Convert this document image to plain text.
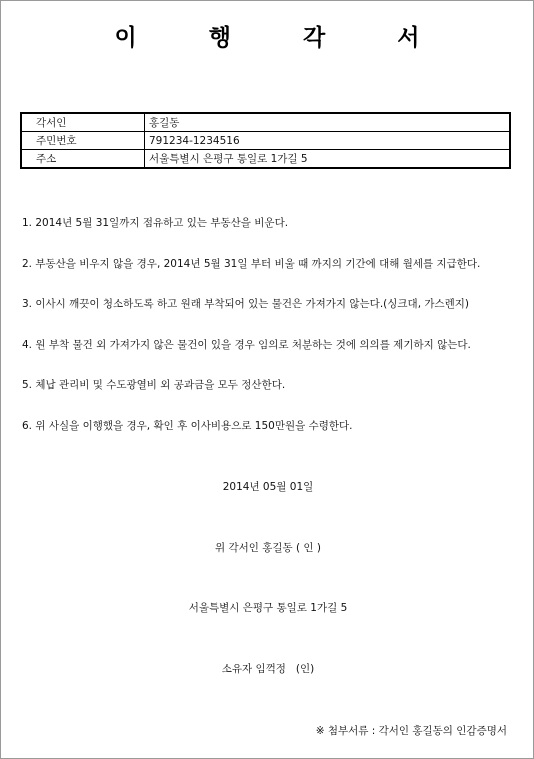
이 행 각 서
각서인	홍길동
주민번호	791234-1234516
주소	서울특별시 은평구 통일로 1가길 5
1. 2014년 5월 31일까지 점유하고 있는 부동산을 비운다.
2. 부동산을 비우지 않을 경우, 2014년 5월 31일 부터 비울 때 까지의 기간에 대해 월세를 지급한다.
3. 이사시 깨끗이 청소하도록 하고 원래 부착되어 있는 물건은 가져가지 않는다.(싱크대, 가스렌지)
4. 원 부착 물건 외 가져가지 않은 물건이 있을 경우 임의로 처분하는 것에 의의를 제기하지 않는다.
5. 체납 관리비 및 수도광열비 외 공과금을 모두 정산한다.
6. 위 사실을 이행했을 경우, 확인 후 이사비용으로 150만원을 수령한다.
2014년 05월 01일
위 각서인 홍길동 ( 인 )
서울특별시 은평구 통일로 1가길 5
소유자 임꺽정   (인)
※ 첨부서류 : 각서인 홍길동의 인감증명서
